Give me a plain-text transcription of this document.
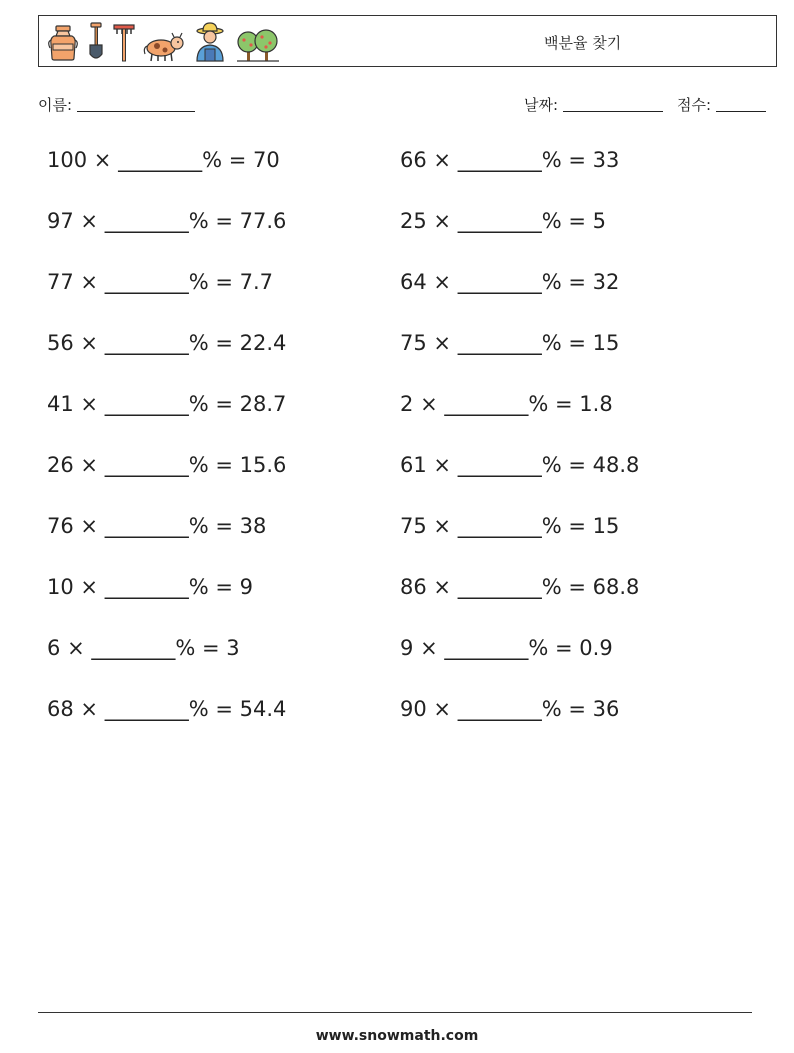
백분율 찾기
이름:	날짜:	점수:
100 × ________% = 70	66 × ________% = 33
97 × ________% = 77.6	25 × ________% = 5
77 × ________% = 7.7	64 × ________% = 32
56 × ________% = 22.4	75 × ________% = 15
41 × ________% = 28.7	2 × ________% = 1.8
26 × ________% = 15.6	61 × ________% = 48.8
76 × ________% = 38	75 × ________% = 15
10 × ________% = 9	86 × ________% = 68.8
6 × ________% = 3	9 × ________% = 0.9
68 × ________% = 54.4	90 × ________% = 36
www.snowmath.com
